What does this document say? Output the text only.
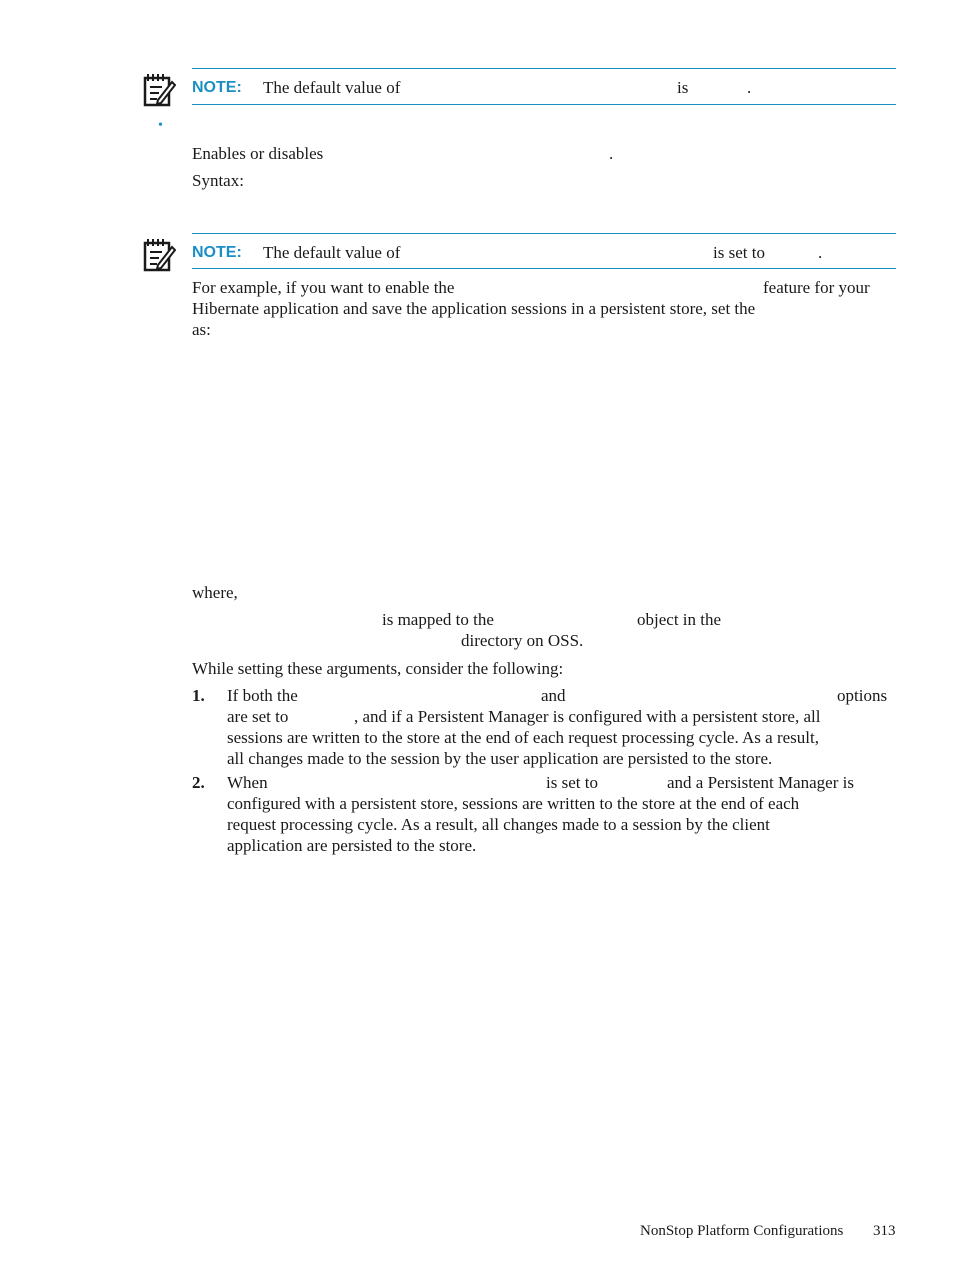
NOTE: The default value of	is	.
•
Enables or disables	.
Syntax:
NOTE: The default value of	is set to	.
For example, if you want to enable the	feature for your
Hibernate application and save the application sessions in a persistent store, set the
as:
where,
is mapped to the	object in the
directory on OSS.
While setting these arguments, consider the following:
1. If both the	and	options
are set to	, and if a Persistent Manager is configured with a persistent store, all
sessions are written to the store at the end of each request processing cycle. As a result,
all changes made to the session by the user application are persisted to the store.
2. When	is set to	and a Persistent Manager is
configured with a persistent store, sessions are written to the store at the end of each
request processing cycle. As a result, all changes made to a session by the client
application are persisted to the store.
NonStop Platform Configurations 313
